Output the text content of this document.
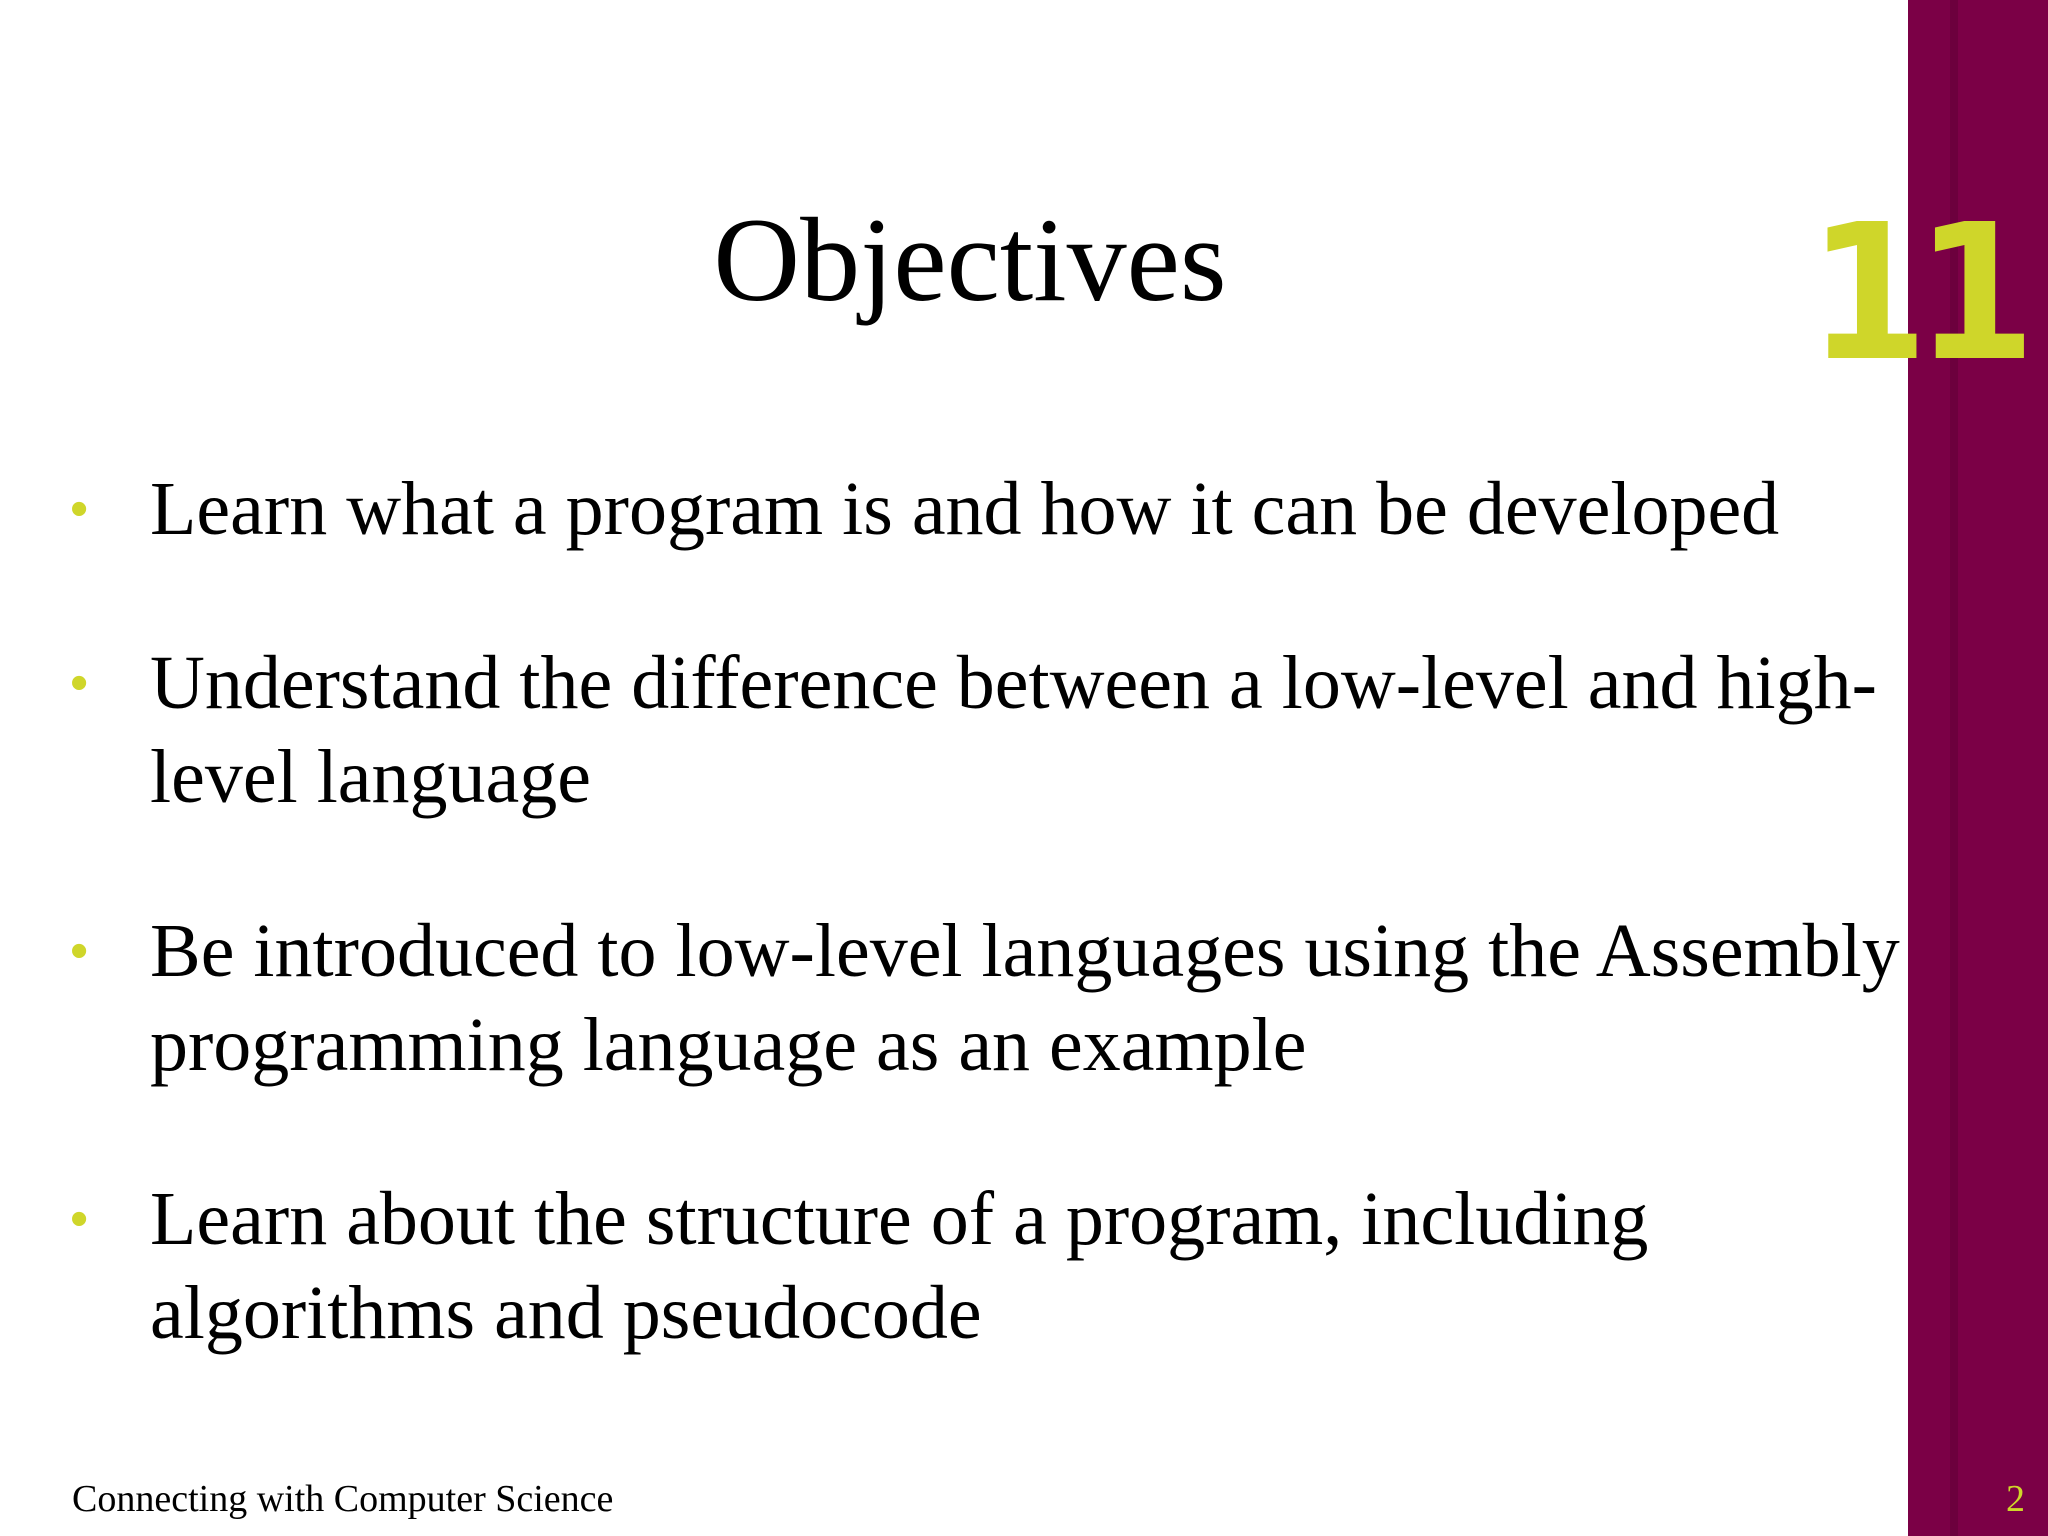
11
Objectives
• Learn what a program is and how it can be developed
• Understand the difference between a low-level and high-level language
• Be introduced to low-level languages using the Assembly programming language as an example
• Learn about the structure of a program, including algorithms and pseudocode
Connecting with Computer Science	2
